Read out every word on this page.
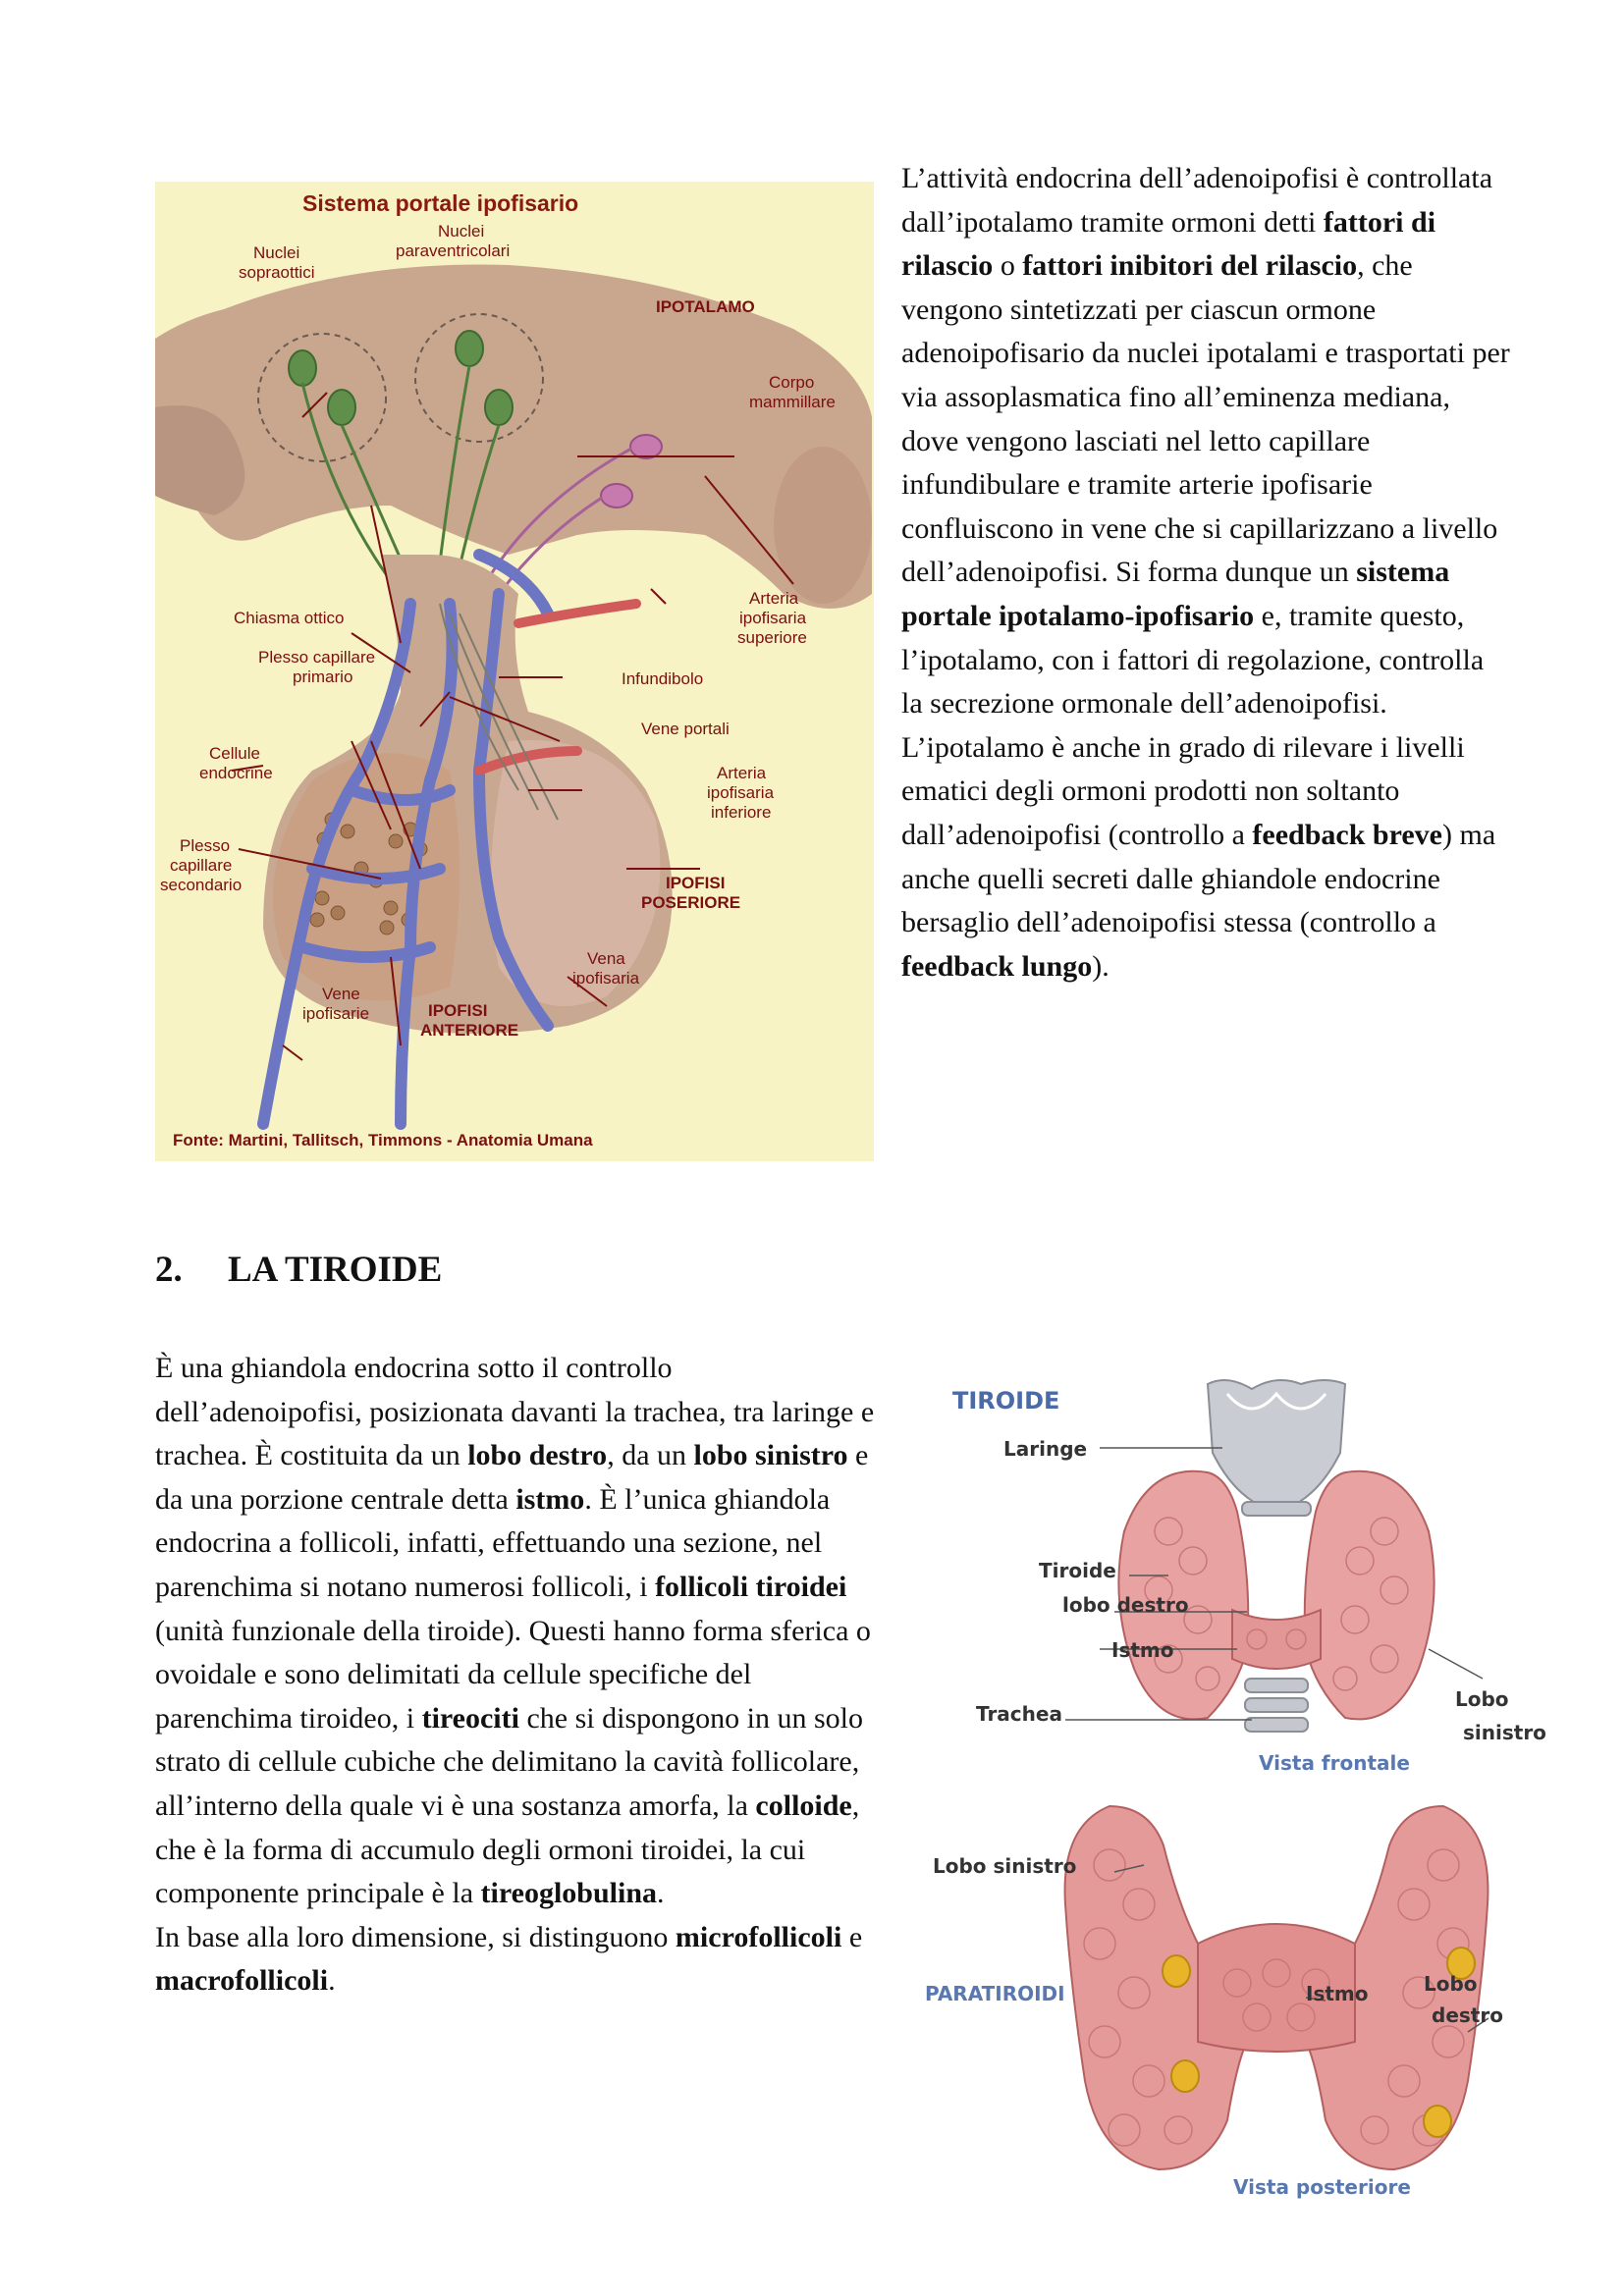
Sistema portale ipofisario
Nuclei
sopraottici
Nuclei
paraventricolari
IPOTALAMO
Corpo
mammillare
Chiasma ottico
Arteria
ipofisaria
superiore
Plesso capillare
primario	Infundibolo
Vene portali
Cellule
endocrine	Arteria
ipofisaria
inferiore
Plesso
capillare
secondario	IPOFISI
POSERIORE
Vena
ipofisaria
Vene
ipofisarie	IPOFISI
ANTERIORE
Fonte: Martini, Tallitsch, Timmons - Anatomia Umana

L’attività endocrina dell’adenoipofisi è controllata dall’ipotalamo tramite ormoni detti fattori di rilascio o fattori inibitori del rilascio, che vengono sintetizzati per ciascun ormone adenoipofisario da nuclei ipotalami e trasportati per via assoplasmatica fino all’eminenza mediana, dove vengono lasciati nel letto capillare infundibulare e tramite arterie ipofisarie confluiscono in vene che si capillarizzano a livello dell’adenoipofisi. Si forma dunque un sistema portale ipotalamo-ipofisario e, tramite questo, l’ipotalamo, con i fattori di regolazione, controlla la secrezione ormonale dell’adenoipofisi. L’ipotalamo è anche in grado di rilevare i livelli ematici degli ormoni prodotti non soltanto dall’adenoipofisi (controllo a feedback breve) ma anche quelli secreti dalle ghiandole endocrine bersaglio dell’adenoipofisi stessa (controllo a feedback lungo).

2. LA TIROIDE

È una ghiandola endocrina sotto il controllo dell’adenoipofisi, posizionata davanti la trachea, tra laringe e trachea. È costituita da un lobo destro, da un lobo sinistro e da una porzione centrale detta istmo. È l’unica ghiandola endocrina a follicoli, infatti, effettuando una sezione, nel parenchima si notano numerosi follicoli, i follicoli tiroidei (unità funzionale della tiroide). Questi hanno forma sferica o ovoidale e sono delimitati da cellule specifiche del parenchima tiroideo, i tireociti che si dispongono in un solo strato di cellule cubiche che delimitano la cavità follicolare, all’interno della quale vi è una sostanza amorfa, la colloide, che è la forma di accumulo degli ormoni tiroidei, la cui componente principale è la tireoglobulina.
In base alla loro dimensione, si distinguono microfollicoli e macrofollicoli.

TIROIDE
Laringe
Tiroide
lobo destro
Istmo
Trachea
Lobo
sinistro
Vista frontale
Lobo sinistro
PARATIROIDI	Istmo	Lobo
destro
Vista posteriore
